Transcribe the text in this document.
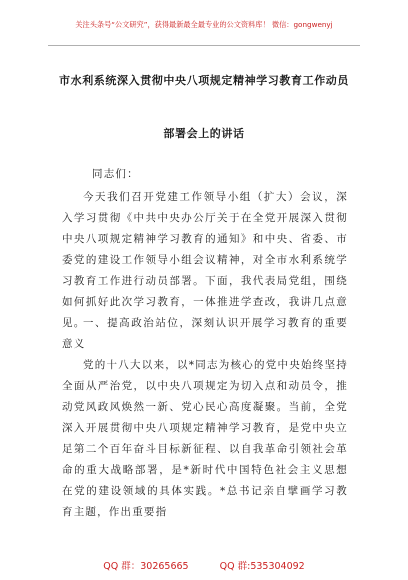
关注头条号“公文研究”，获得最新最全最专业的公文资料库！ 微信：gongwenyj
市水利系统深入贯彻中央八项规定精神学习教育工作动员
部署会上的讲话
同志们：
今天我们召开党建工作领导小组（扩大）会议，深入学习贯彻《中共中央办公厅关于在全党开展深入贯彻中央八项规定精神学习教育的通知》和中央、省委、市委党的建设工作领导小组会议精神，对全市水利系统学习教育工作进行动员部署。下面，我代表局党组，围绕如何抓好此次学习教育，一体推进学查改，我讲几点意见。
一、提高政治站位，深刻认识开展学习教育的重要意义
党的十八大以来，以*同志为核心的党中央始终坚持全面从严治党，以中央八项规定为切入点和动员令，推动党风政风焕然一新、党心民心高度凝聚。当前，全党深入开展贯彻中央八项规定精神学习教育，是党中央立足第二个百年奋斗目标新征程、以自我革命引领社会革命的重大战略部署，是*新时代中国特色社会主义思想在党的建设领域的具体实践。*总书记亲自擘画学习教育主题，作出重要指
QQ 群：30265665	QQ 群:535304092
